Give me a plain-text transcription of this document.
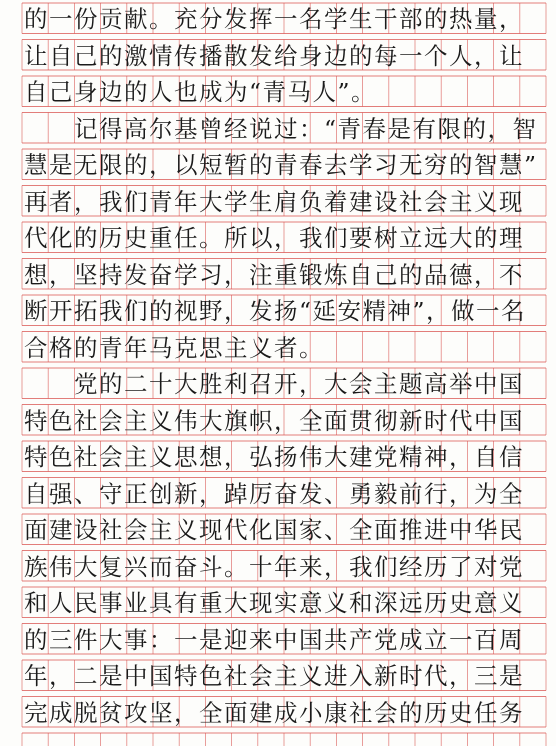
的一份贡献。充分发挥一名学生干部的热量，
让自己的激情传播散发给身边的每一个人，让
自己身边的人也成为“青马人”。
　　记得高尔基曾经说过：“青春是有限的，智
慧是无限的，以短暂的青春去学习无穷的智慧”
再者，我们青年大学生肩负着建设社会主义现
代化的历史重任。所以，我们要树立远大的理
想，坚持发奋学习，注重锻炼自己的品德，不
断开拓我们的视野，发扬“延安精神”，做一名
合格的青年马克思主义者。
　　党的二十大胜利召开，大会主题高举中国
特色社会主义伟大旗帜，全面贯彻新时代中国
特色社会主义思想，弘扬伟大建党精神，自信
自强、守正创新，踔厉奋发、勇毅前行，为全
面建设社会主义现代化国家、全面推进中华民
族伟大复兴而奋斗。十年来，我们经历了对党
和人民事业具有重大现实意义和深远历史意义
的三件大事：一是迎来中国共产党成立一百周
年，二是中国特色社会主义进入新时代，三是
完成脱贫攻坚，全面建成小康社会的历史任务
